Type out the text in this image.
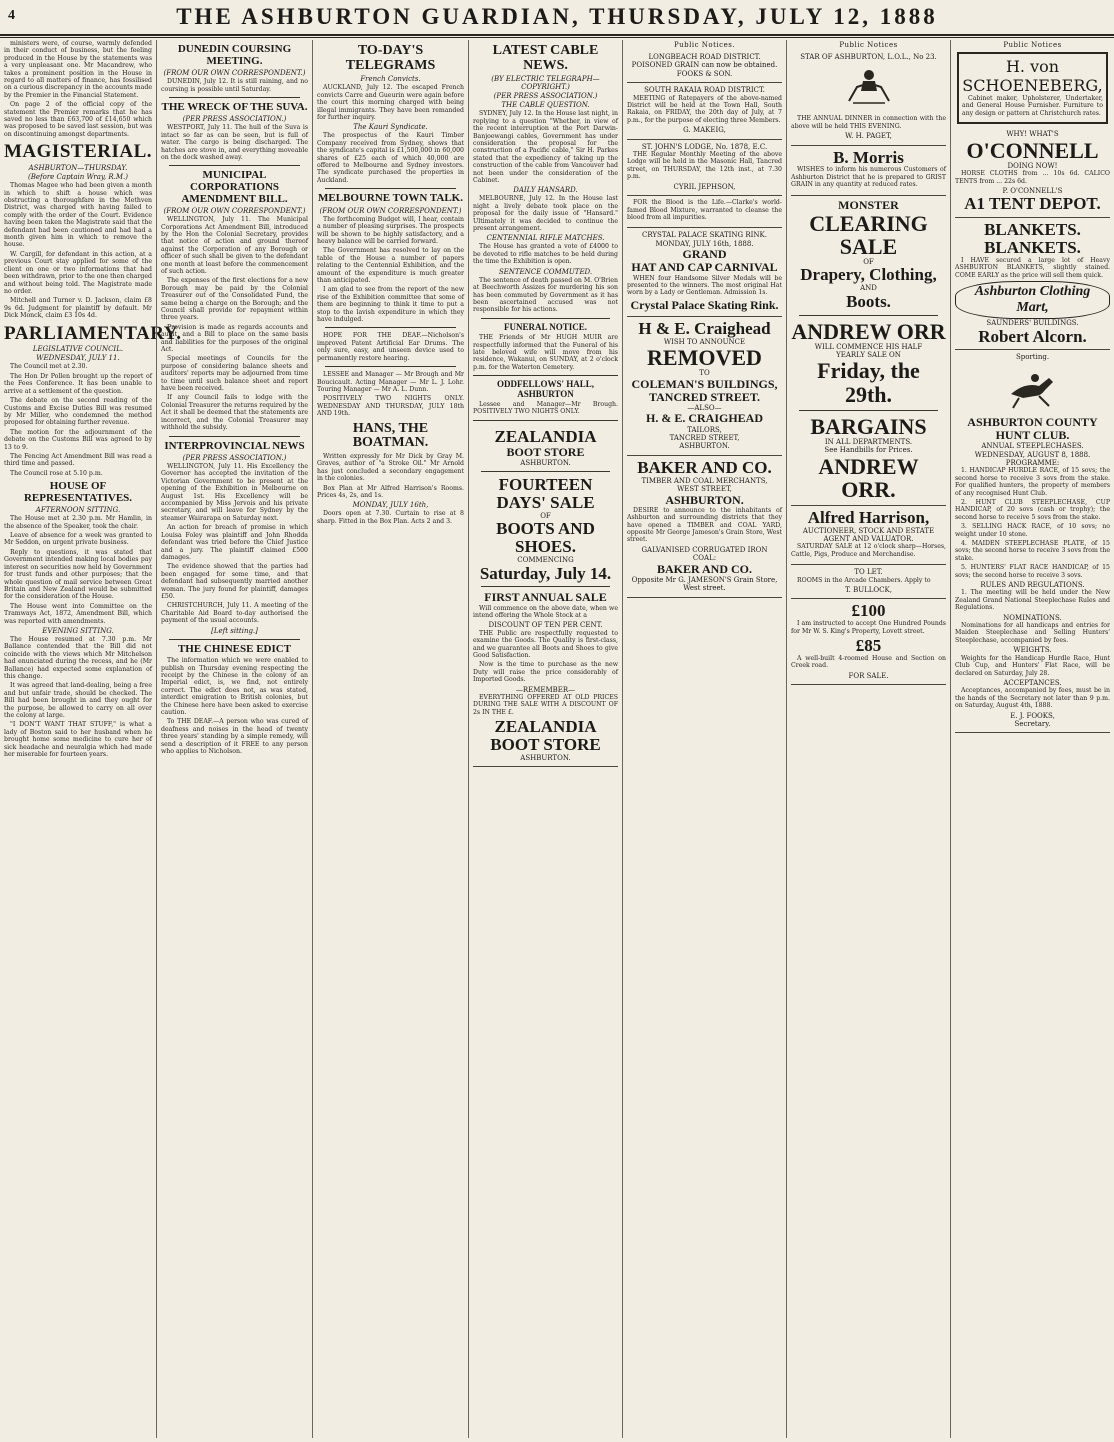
4	THE ASHBURTON GUARDIAN, THURSDAY, JULY 12, 1888

ministers were, of course, warmly defended in their conduct of business, but the feeling produced in the House by the statements was a very unpleasant one. Mr Macandrew, who takes a prominent position in the House in regard to all matters of finance, has fossilised on a curious discrepancy in the accounts made by the Premier in the Financial Statement.

On page 2 of the official copy of the statement the Premier remarks that he has saved no less than £63,700 of £14,650 which was proposed to be saved last session, but was on discontinuing amongst departments.

MAGISTERIAL.
ASHBURTON—THURSDAY.
(Before Captain Wray, R.M.)

Thomas Magee who had been given a month in which to shift a house which was obstructing a thoroughfare in the Methven District, was charged with having failed to comply with the order of the Court. Evidence having been taken the Magistrate said that the defendant had been cautioned and had had a month given him in which to remove the house.

W. Cargill, for defendant in this action, at a previous Court stay applied for some of the client on one or two informations that had been withdrawn, prior to the one then charged and without being told. The Magistrate made no order.

Mitchell and Turner v. D. Jackson, claim £8 9s 6d. Judgment for plaintiff by default. Mr Dick Monck, claim £3 10s 4d.

PARLIAMENTARY.
LEGISLATIVE COUNCIL.
WEDNESDAY, JULY 11.

The Council met at 2.30.

The Hon Dr Pollen brought up the report of the Fees Conference. It has been unable to arrive at a settlement of the question.

The debate on the second reading of the Customs and Excise Duties Bill was resumed by Mr Miller, who condemned the method proposed for obtaining further revenue.

The motion for the adjournment of the debate on the Customs Bill was agreed to by 13 to 9.

The Fencing Act Amendment Bill was read a third time and passed.

The Council rose at 5.10 p.m.

HOUSE OF REPRESENTATIVES.
AFTERNOON SITTING.

The House met at 2.30 p.m. Mr Hamlin, in the absence of the Speaker, took the chair.

Leave of absence for a week was granted to Mr Seddon, on urgent private business.

Reply to questions, it was stated that Government intended making local bodies pay interest on securities now held by Government for trust funds and other purposes; that the whole question of mail service between Great Britain and New Zealand would be submitted for the consideration of the House.

The House went into Committee on the Tramways Act, 1872, Amendment Bill, which was reported with amendments.

EVENING SITTING.

The House resumed at 7.30 p.m. Mr Ballance contended that the Bill did not coincide with the views which Mr Mitchelson had enunciated during the recess, and he (Mr Ballance) had expected some explanation of this change.

It was agreed that land-dealing, being a free and but unfair trade, should be checked. The Bill had been brought in and they ought for the purpose, be allowed to carry on all over the colony at large.

"I DON'T WANT THAT STUFF," is what a lady of Boston said to her husband when he brought home some medicine to cure her of sick headache and neuralgia which had made her miserable for fourteen years.

DUNEDIN COURSING MEETING.
(FROM OUR OWN CORRESPONDENT.)

DUNEDIN, July 12. It is still raining, and no coursing is possible until Saturday.

THE WRECK OF THE SUVA.
(PER PRESS ASSOCIATION.)

WESTPORT, July 11. The hull of the Suva is intact so far as can be seen, but is full of water. The cargo is being discharged. The hatches are stove in, and everything moveable on the dock washed away.

MUNICIPAL CORPORATIONS AMENDMENT BILL.
(FROM OUR OWN CORRESPONDENT.)

WELLINGTON, July 11. The Municipal Corporations Act Amendment Bill, introduced by the Hon the Colonial Secretary, provides that notice of action and ground thereof against the Corporation of any Borough or officer of such shall be given to the defendant one month at least before the commencement of such action.

The expenses of the first elections for a new Borough may be paid by the Colonial Treasurer out of the Consolidated Fund, the same being a charge on the Borough; and the Council shall provide for repayment within three years.

Provision is made as regards accounts and audit, and a Bill to place on the same basis and liabilities for the purposes of the original Act.

Special meetings of Councils for the purpose of considering balance sheets and auditors' reports may be adjourned from time to time until such balance sheet and report have been received.

If any Council fails to lodge with the Colonial Treasurer the returns required by the Act it shall be deemed that the statements are incorrect, and the Colonial Treasurer may withhold the subsidy.

INTERPROVINCIAL NEWS
(PER PRESS ASSOCIATION.)

WELLINGTON, July 11. His Excellency the Governor has accepted the invitation of the Victorian Government to be present at the opening of the Exhibition in Melbourne on August 1st. His Excellency will be accompanied by Miss Jervois and his private secretary, and will leave for Sydney by the steamer Wairarapa on Saturday next.

An action for breach of promise in which Louisa Foley was plaintiff and John Rhodda defendant was tried before the Chief Justice and a jury. The plaintiff claimed £500 damages.

The evidence showed that the parties had been engaged for some time, and that defendant had subsequently married another woman. The jury found for plaintiff, damages £50.

CHRISTCHURCH, July 11. A meeting of the Charitable Aid Board to-day authorised the payment of the usual accounts.

[Left sitting.]
THE CHINESE EDICT

The information which we were enabled to publish on Thursday evening respecting the receipt by the Chinese in the colony of an Imperial edict, is, we find, not entirely correct. The edict does not, as was stated, interdict emigration to British colonies, but the Chinese here have been asked to exercise caution.

To THE DEAF.—A person who was cured of deafness and noises in the head of twenty three years' standing by a simple remedy, will send a description of it FREE to any person who applies to Nicholson.

TO-DAY'S TELEGRAMS
French Convicts.

AUCKLAND, July 12. The escaped French convicts Carre and Gueurin were again before the court this morning charged with being illegal immigrants. They have been remanded for further inquiry.

The Kauri Syndicate.

The prospectus of the Kauri Timber Company received from Sydney, shows that the syndicate's capital is £1,500,000 in 60,000 shares of £25 each of which 40,000 are offered to Melbourne and Sydney investors. The syndicate purchased the properties in Auckland.

MELBOURNE TOWN TALK.
(FROM OUR OWN CORRESPONDENT.)

The forthcoming Budget will, I hear, contain a number of pleasing surprises. The prospects will be shown to be highly satisfactory, and a heavy balance will be carried forward.

The Government has resolved to lay on the table of the House a number of papers relating to the Centennial Exhibition, and the amount of the expenditure is much greater than anticipated.

I am glad to see from the report of the new rise of the Exhibition committee that some of them are beginning to think it time to put a stop to the lavish expenditure in which they have indulged.

HOPE FOR THE DEAF.—Nicholson's improved Patent Artificial Ear Drums. The only sure, easy, and unseen device used to permanently restore hearing.

LESSEE and Manager — Mr Brough and Mr Boucicault. Acting Manager — Mr L. J. Lohr. Touring Manager — Mr A. L. Dunn.

POSITIVELY TWO NIGHTS ONLY. WEDNESDAY AND THURSDAY, JULY 18th AND 19th.

HANS, THE BOATMAN.

Written expressly for Mr Dick by Gray M. Graves, author of "a Stroke Oil." Mr Arnold has just concluded a secondary engagement in the colonies.

Box Plan at Mr Alfred Harrison's Rooms. Prices 4s, 2s, and 1s.

MONDAY, JULY 16th,

Doors open at 7.30. Curtain to rise at 8 sharp. Fitted in the Box Plan. Acts 2 and 3.

LATEST CABLE NEWS.
(BY ELECTRIC TELEGRAPH—COPYRIGHT.)
(PER PRESS ASSOCIATION.)
THE CABLE QUESTION.

SYDNEY, July 12. In the House last night, in replying to a question "Whether, in view of the recent interruption at the Port Darwin-Banjoewangi cables, Government has under consideration the proposal for the construction of a Pacific cable," Sir H. Parkes stated that the expediency of taking up the construction of the cable from Vancouver had not been under the consideration of the Cabinet.

DAILY HANSARD.

MELBOURNE, July 12. In the House last night a lively debate took place on the proposal for the daily issue of "Hansard." Ultimately it was decided to continue the present arrangement.

CENTENNIAL RIFLE MATCHES.

The House has granted a vote of £4000 to be devoted to rifle matches to be held during the time the Exhibition is open.

SENTENCE COMMUTED.

The sentence of death passed on M. O'Brien at Beechworth Assizes for murdering his son has been commuted by Government as it has been ascertained accused was not responsible for his actions.

FUNERAL NOTICE.

THE Friends of Mr HUGH MUIR are respectfully informed that the Funeral of his late beloved wife will move from his residence, Wakanui, on SUNDAY, at 2 o'clock p.m. for the Waterton Cemetery.

ODDFELLOWS' HALL, ASHBURTON

Lessee and Manager—Mr Brough. POSITIVELY TWO NIGHTS ONLY.

ZEALANDIA
BOOT STORE
ASHBURTON.
FOURTEEN DAYS' SALE
OF
BOOTS AND SHOES.
COMMENCING
Saturday, July 14.
FIRST ANNUAL SALE

Will commence on the above date, when we intend offering the Whole Stock at a

DISCOUNT OF TEN PER CENT.

THE Public are respectfully requested to examine the Goods. The Quality is first-class, and we guarantee all Boots and Shoes to give Good Satisfaction.

Now is the time to purchase as the new Duty will raise the price considerably of Imported Goods.

—REMEMBER—

EVERYTHING OFFERED AT OLD PRICES DURING THE SALE WITH A DISCOUNT OF 2s IN THE £.

ZEALANDIA
BOOT STORE
ASHBURTON.
Public Notices.
LONGBEACH ROAD DISTRICT.
POISONED GRAIN can now be obtained.
FOOKS & SON.
SOUTH RAKAIA ROAD DISTRICT.

MEETING of Ratepayers of the above-named District will be held at the Town Hall, South Rakaia, on FRIDAY, the 20th day of July, at 7 p.m., for the purpose of electing three Members.

G. MAKEIG,
ST. JOHN'S LODGE, No. 1878, E.C.

THE Regular Monthly Meeting of the above Lodge will be held in the Masonic Hall, Tancred street, on THURSDAY, the 12th inst., at 7.30 p.m.

CYRIL JEPHSON,

FOR the Blood is the Life.—Clarke's world-famed Blood Mixture, warranted to cleanse the blood from all impurities.

CRYSTAL PALACE SKATING RINK.
MONDAY, JULY 16th, 1888.
GRAND
HAT AND CAP CARNIVAL

WHEN four Handsome Silver Medals will be presented to the winners. The most original Hat worn by a Lady or Gentleman. Admission 1s.

Crystal Palace Skating Rink.
H & E. Craighead
WISH TO ANNOUNCE
REMOVED
TO
COLEMAN'S BUILDINGS,
TANCRED STREET.
—ALSO—
H. & E. CRAIGHEAD
TAILORS,
TANCRED STREET,
ASHBURTON.
BAKER AND CO.
TIMBER AND COAL MERCHANTS,
WEST STREET,
ASHBURTON.

DESIRE to announce to the inhabitants of Ashburton and surrounding districts that they have opened a TIMBER and COAL YARD, opposite Mr George Jameson's Grain Store, West street.

GALVANISED CORRUGATED IRON
COAL:
BAKER AND CO.
Opposite Mr G. JAMESON'S Grain Store, West street.
Public Notices
STAR OF ASHBURTON, L.O.L., No 23.

THE ANNUAL DINNER in connection with the above will be held THIS EVENING.

W. H. PAGET,
B. Morris

WISHES to inform his numerous Customers of Ashburton District that he is prepared to GRIST GRAIN in any quantity at reduced rates.

MONSTER
CLEARING SALE
OF
Drapery, Clothing,
AND
Boots.
ANDREW ORR
WILL COMMENCE HIS HALF
YEARLY SALE ON
Friday, the 29th.
BARGAINS
IN ALL DEPARTMENTS.
See Handbills for Prices.
ANDREW ORR.
Alfred Harrison,
AUCTIONEER, STOCK AND ESTATE AGENT AND VALUATOR.

SATURDAY SALE at 12 o'clock sharp—Horses, Cattle, Pigs, Produce and Merchandise.

TO LET.

ROOMS in the Arcade Chambers. Apply to

T. BULLOCK,
£100

I am instructed to accept One Hundred Pounds for Mr W. S. King's Property, Lovett street.

£85

A well-built 4-roomed House and Section on Creek road.

FOR SALE.
Public Notices
H. von SCHOENEBERG,

Cabinet maker, Upholsterer, Undertaker, and General House Furnisher. Furniture to any design or pattern at Christchurch rates.

WHY! WHAT'S
O'CONNELL
DOING NOW!

HORSE CLOTHS from ... 10s 6d. CALICO TENTS from ... 22s 6d.

P. O'CONNELL'S
A1 TENT DEPOT.
BLANKETS. BLANKETS.

I HAVE secured a large lot of Heavy ASHBURTON BLANKETS, slightly stained. COME EARLY as the price will sell them quick.

Ashburton Clothing Mart,
SAUNDERS' BUILDINGS.
Robert Alcorn.
Sporting.
ASHBURTON COUNTY HUNT CLUB.
ANNUAL STEEPLECHASES.
WEDNESDAY, AUGUST 8, 1888.
PROGRAMME:

1. HANDICAP HURDLE RACE, of 15 sovs; the second horse to receive 3 sovs from the stake. For qualified hunters, the property of members of any recognised Hunt Club.

2. HUNT CLUB STEEPLECHASE, CUP HANDICAP, of 20 sovs (cash or trophy); the second horse to receive 5 sovs from the stake.

3. SELLING HACK RACE, of 10 sovs; no weight under 10 stone.

4. MAIDEN STEEPLECHASE PLATE, of 15 sovs; the second horse to receive 3 sovs from the stake.

5. HUNTERS' FLAT RACE HANDICAP, of 15 sovs; the second horse to receive 3 sovs.

RULES AND REGULATIONS.

1. The meeting will be held under the New Zealand Grand National Steeplechase Rules and Regulations.

NOMINATIONS.

Nominations for all handicaps and entries for Maiden Steeplechase and Selling Hunters' Steeplechase, accompanied by fees.

WEIGHTS.

Weights for the Handicap Hurdle Race, Hunt Club Cup, and Hunters' Flat Race, will be declared on Saturday, July 28.

ACCEPTANCES.

Acceptances, accompanied by fees, must be in the hands of the Secretary not later than 9 p.m. on Saturday, August 4th, 1888.

E. J. FOOKS,
Secretary.
